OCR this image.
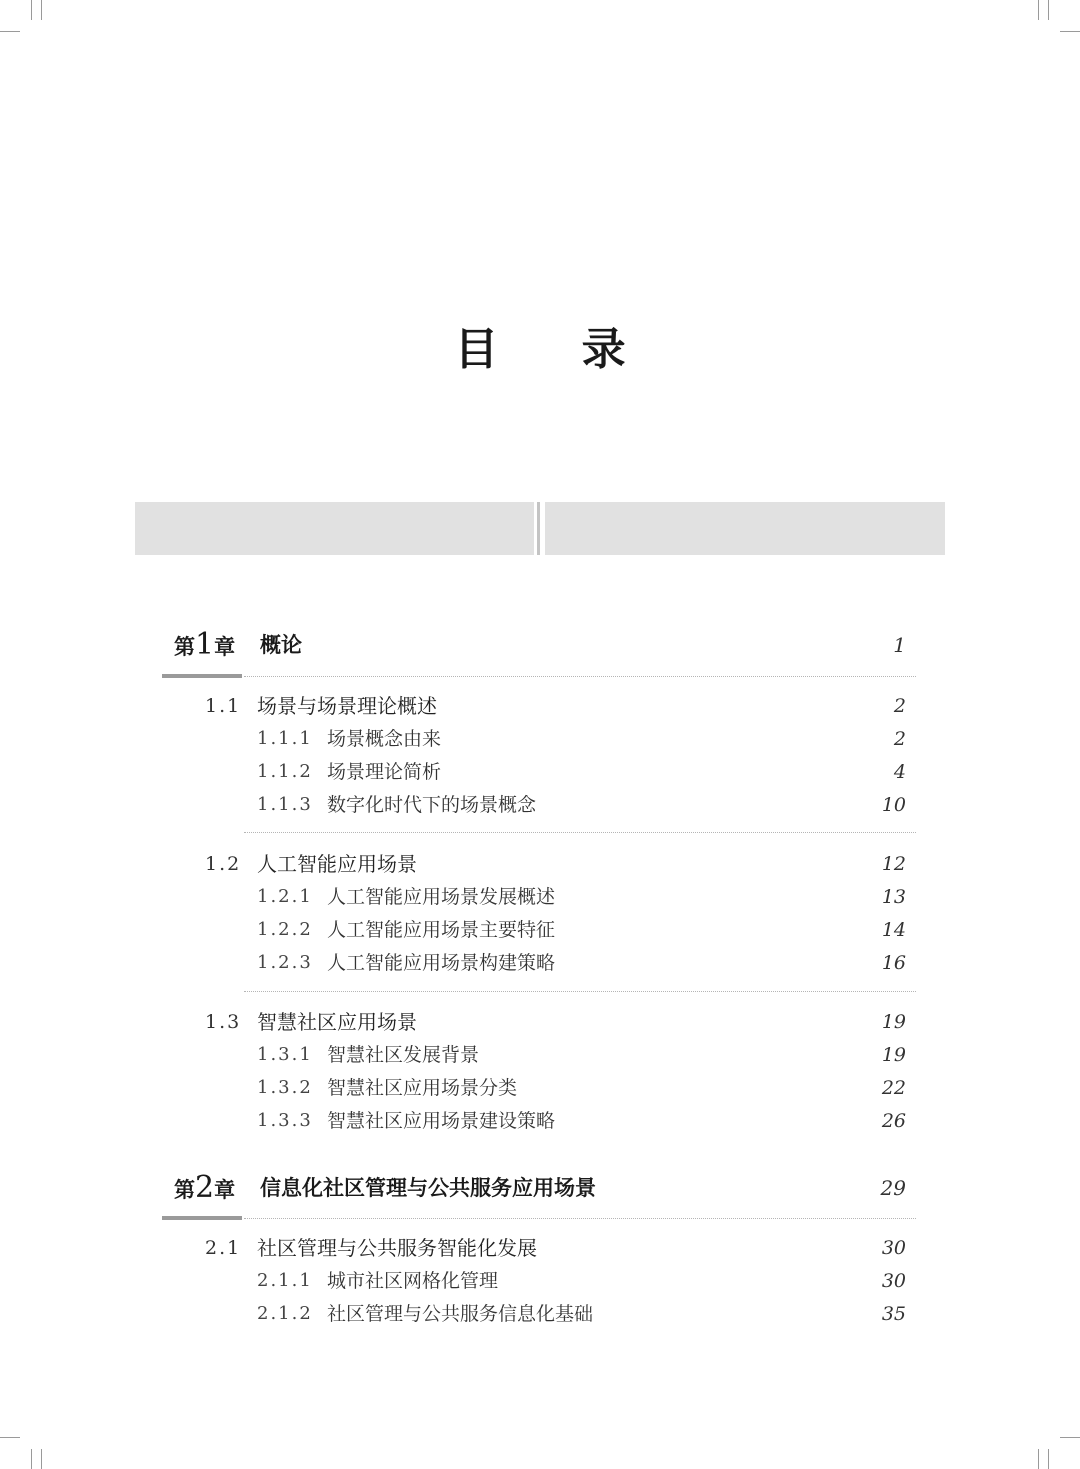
目 录
第1章 概论	1
1.1 场景与场景理论概述	2
1.1.1 场景概念由来	2
1.1.2 场景理论简析	4
1.1.3 数字化时代下的场景概念	10
1.2 人工智能应用场景	12
1.2.1 人工智能应用场景发展概述	13
1.2.2 人工智能应用场景主要特征	14
1.2.3 人工智能应用场景构建策略	16
1.3 智慧社区应用场景	19
1.3.1 智慧社区发展背景	19
1.3.2 智慧社区应用场景分类	22
1.3.3 智慧社区应用场景建设策略	26
第2章 信息化社区管理与公共服务应用场景	29
2.1 社区管理与公共服务智能化发展	30
2.1.1 城市社区网格化管理	30
2.1.2 社区管理与公共服务信息化基础	35
